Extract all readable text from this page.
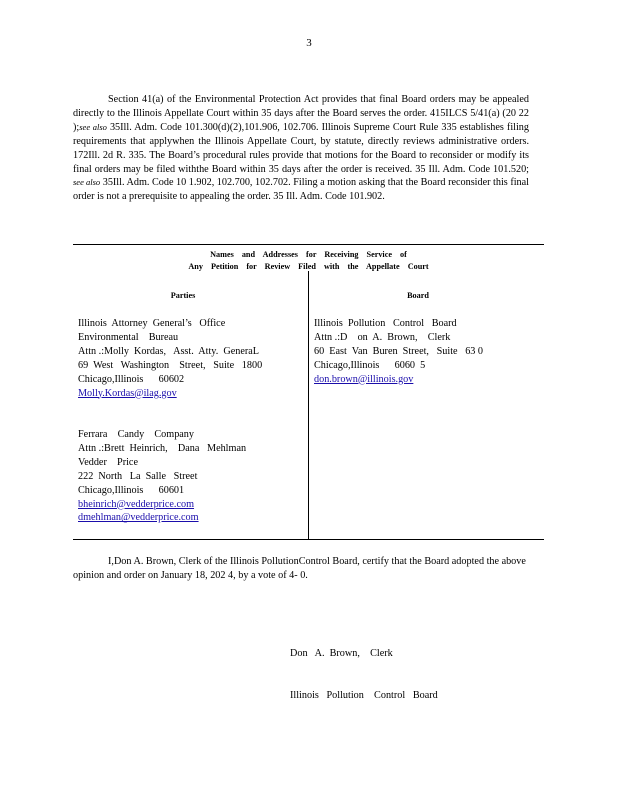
3

Section 41(a) of the Environmental Protection Act provides that final Board orders may be appealed directly to the Illinois Appellate Court within 35 days after the Board serves the order. 415ILCS 5/41(a) (20 22 );see also 35Ill. Adm. Code 101.300(d)(2),101.906, 102.706. Illinois Supreme Court Rule 335 establishes filing requirements that applywhen the Illinois Appellate Court, by statute, directly reviews administrative orders. 172Ill. 2d R. 335. The Board’s procedural rules provide that motions for the Board to reconsider or modify its final orders may be filed withthe Board within 35 days after the order is received. 35 Ill. Adm. Code 101.520; see also 35Ill. Adm. Code 10 1.902, 102.700, 102.702. Filing a motion asking that the Board reconsider this final order is not a prerequisite to appealing the order. 35 Ill. Adm. Code 101.902.

Names and Addresses for Receiving Service of
Any Petition for Review Filed with the Appellate Court
Parties	Board
Illinois  Attorney  General’s   Office
Environmental    Bureau
Attn .:Molly  Kordas,   Asst.  Atty.  GeneraL
69  West   Washington    Street,   Suite   1800
Chicago,Illinois      60602
Molly.Kordas@ilag.gov
Ferrara    Candy    Company
Attn .:Brett  Heinrich,    Dana   Mehlman
Vedder    Price
222  North   La  Salle   Street
Chicago,Illinois      60601
bheinrich@vedderprice.com
dmehlman@vedderprice.com
Illinois  Pollution   Control   Board
Attn .:D    on  A.  Brown,    Clerk
60  East  Van  Buren  Street,   Suite   63 0
Chicago,Illinois      6060  5
don.brown@illinois.gov

I,Don A. Brown, Clerk of the Illinois PollutionControl Board, certify that the Board adopted the above opinion and order on January 18, 202 4, by a vote of 4- 0.

Don   A.  Brown,    Clerk

Illinois   Pollution    Control   Board
